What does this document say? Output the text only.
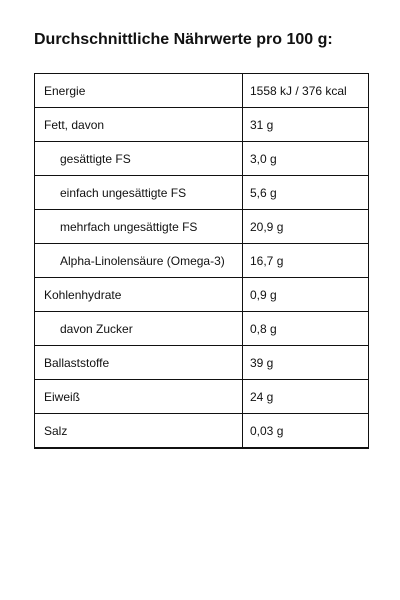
Durchschnittliche Nährwerte pro 100 g:
Energie	1558 kJ / 376 kcal
Fett, davon	31 g
gesättigte FS	3,0 g
einfach ungesättigte FS	5,6 g
mehrfach ungesättigte FS	20,9 g
Alpha-Linolensäure (Omega-3)	16,7 g
Kohlenhydrate	0,9 g
davon Zucker	0,8 g
Ballaststoffe	39 g
Eiweiß	24 g
Salz	0,03 g
